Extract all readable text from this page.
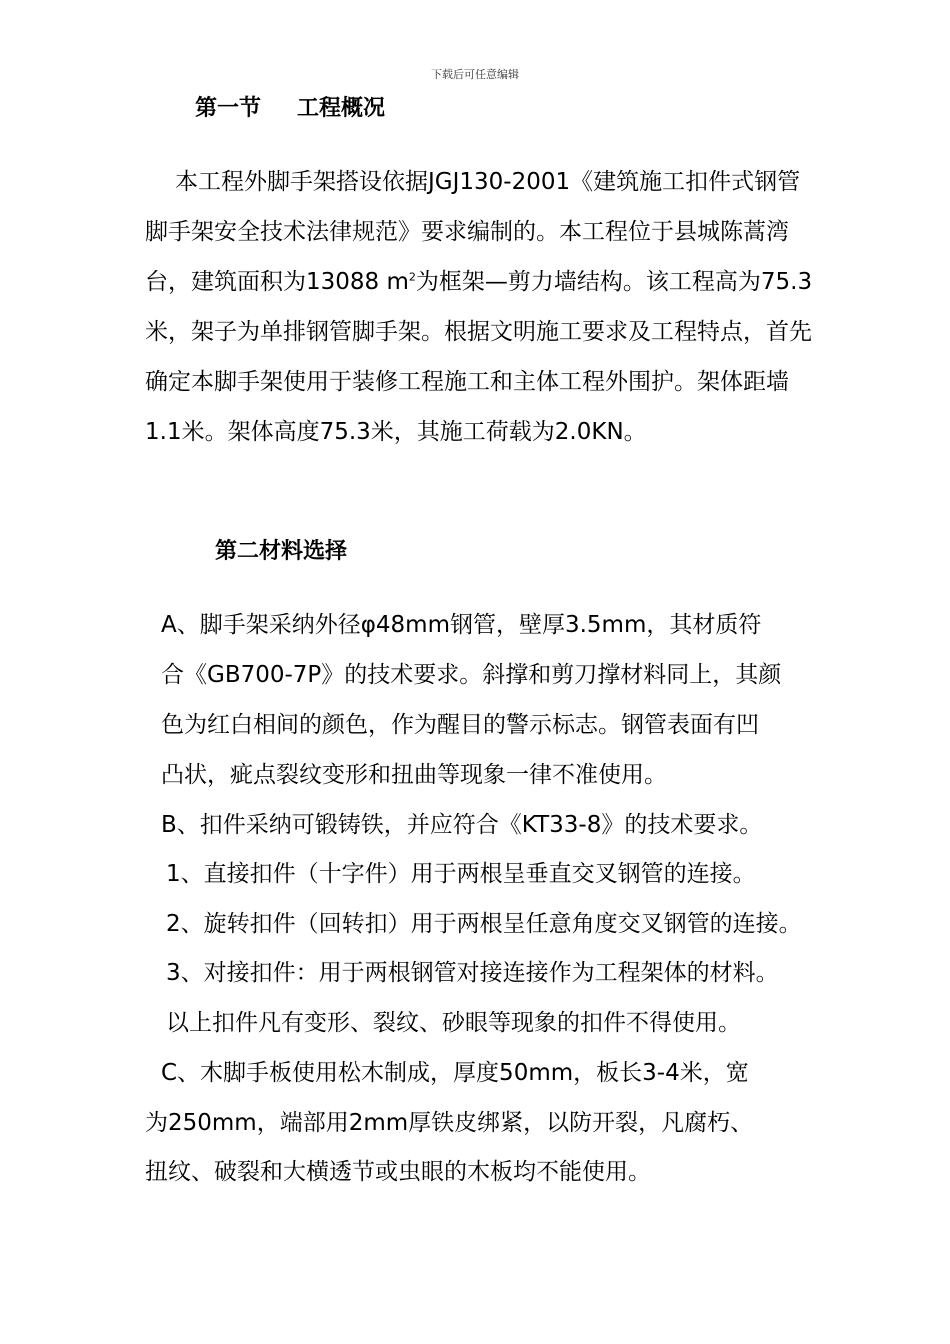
下载后可任意编辑
第一节 工程概况

本工程外脚手架搭设依据JGJ130-2001《建筑施工扣件式钢管脚手架安全技术法律规范》要求编制的。本工程位于县城陈蒿湾台，建筑面积为13088 $m^2$为框架—剪力墙结构。该工程高为75.3米，架子为单排钢管脚手架。根据文明施工要求及工程特点，首先确定本脚手架使用于装修工程施工和主体工程外围护。架体距墙1.1米。架体高度75.3米，其施工荷载为2.0KN。

第二材料选择
A、脚手架采纳外径φ48mm钢管，壁厚3.5mm，其材质符
合《GB700-7P》的技术要求。斜撑和剪刀撑材料同上，其颜
色为红白相间的颜色，作为醒目的警示标志。钢管表面有凹
凸状，疵点裂纹变形和扭曲等现象一律不准使用。
B、扣件采纳可锻铸铁，并应符合《KT33-8》的技术要求。
1、直接扣件（十字件）用于两根呈垂直交叉钢管的连接。
2、旋转扣件（回转扣）用于两根呈任意角度交叉钢管的连接。
3、对接扣件：用于两根钢管对接连接作为工程架体的材料。
以上扣件凡有变形、裂纹、砂眼等现象的扣件不得使用。
C、木脚手板使用松木制成，厚度50mm，板长3-4米，宽
为250mm，端部用2mm厚铁皮绑紧，以防开裂，凡腐朽、
扭纹、破裂和大横透节或虫眼的木板均不能使用。
